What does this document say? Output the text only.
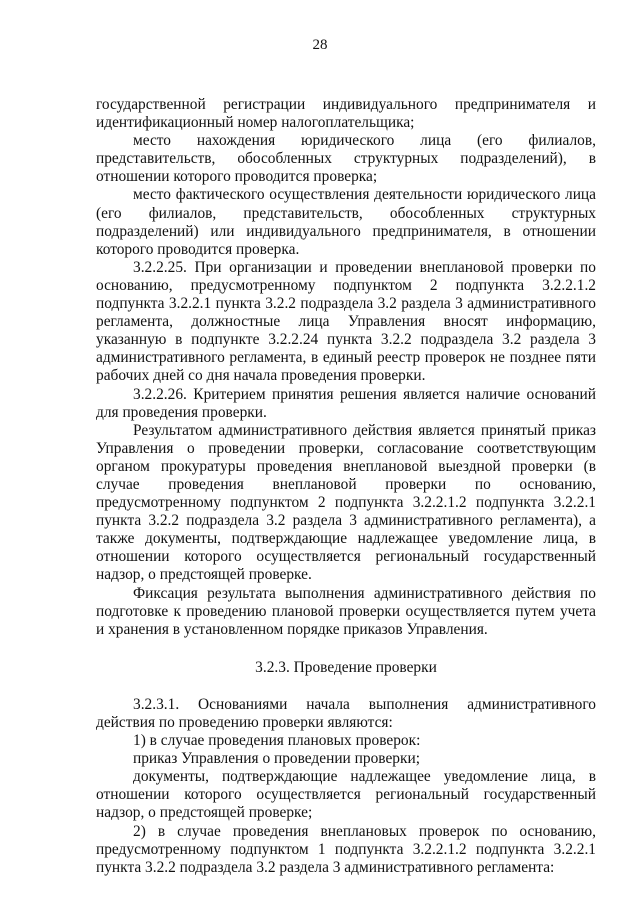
28

государственной регистрации индивидуального предпринимателя и идентификационный номер налогоплательщика;

место нахождения юридического лица (его филиалов, представительств, обособленных структурных подразделений), в отношении которого проводится проверка;

место фактического осуществления деятельности юридического лица (его филиалов, представительств, обособленных структурных подразделений) или индивидуального предпринимателя, в отношении которого проводится проверка.

3.2.2.25. При организации и проведении внеплановой проверки по основанию, предусмотренному подпунктом 2 подпункта 3.2.2.1.2 подпункта 3.2.2.1 пункта 3.2.2 подраздела 3.2 раздела 3 административного регламента, должностные лица Управления вносят информацию, указанную в подпункте 3.2.2.24 пункта 3.2.2 подраздела 3.2 раздела 3 административного регламента, в единый реестр проверок не позднее пяти рабочих дней со дня начала проведения проверки.

3.2.2.26. Критерием принятия решения является наличие оснований для проведения проверки.

Результатом административного действия является принятый приказ Управления о проведении проверки, согласование соответствующим органом прокуратуры проведения внеплановой выездной проверки (в случае проведения внеплановой проверки по основанию, предусмотренному подпунктом 2 подпункта 3.2.2.1.2 подпункта 3.2.2.1 пункта 3.2.2 подраздела 3.2 раздела 3 административного регламента), а также документы, подтверждающие надлежащее уведомление лица, в отношении которого осуществляется региональный государственный надзор, о предстоящей проверке.

Фиксация результата выполнения административного действия по подготовке к проведению плановой проверки осуществляется путем учета и хранения в установленном порядке приказов Управления.

3.2.3. Проведение проверки

3.2.3.1. Основаниями начала выполнения административного действия по проведению проверки являются:

1) в случае проведения плановых проверок:

приказ Управления о проведении проверки;

документы, подтверждающие надлежащее уведомление лица, в отношении которого осуществляется региональный государственный надзор, о предстоящей проверке;

2) в случае проведения внеплановых проверок по основанию, предусмотренному подпунктом 1 подпункта 3.2.2.1.2 подпункта 3.2.2.1 пункта 3.2.2 подраздела 3.2 раздела 3 административного регламента:
